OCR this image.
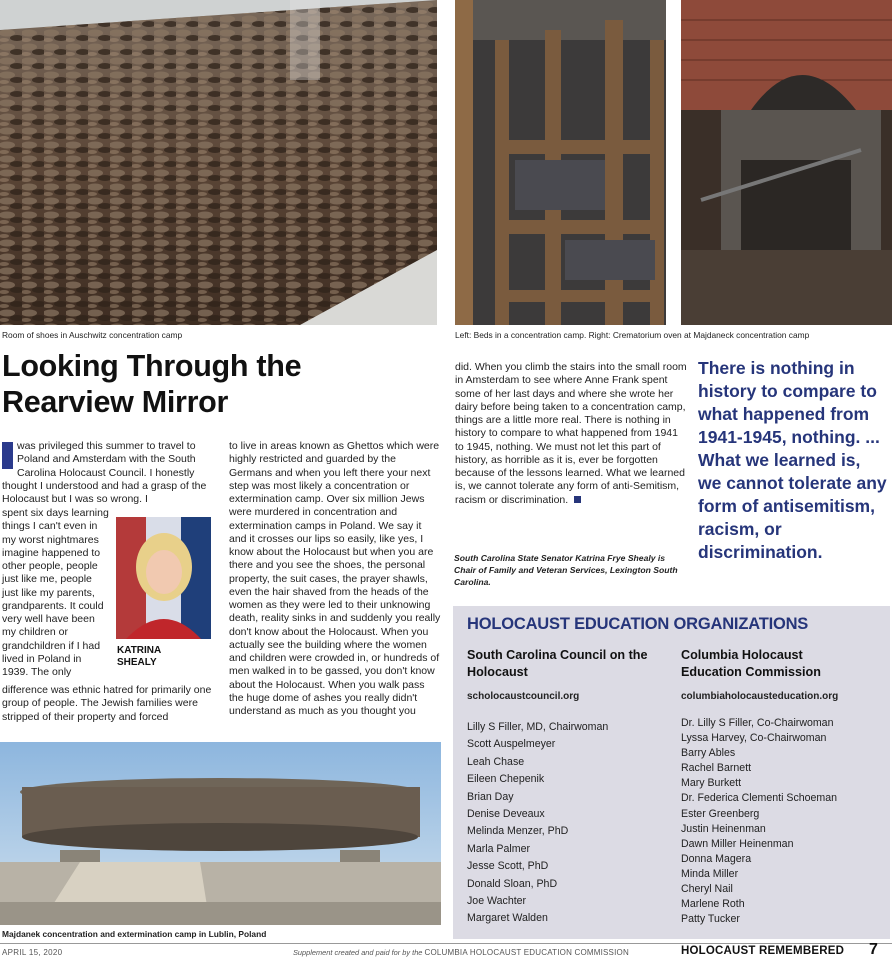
Room of shoes in Auschwitz concentration camp	Left: Beds in a concentration camp. Right: Crematorium oven at Majdaneck concentration camp
Looking Through the Rearview Mirror
was privileged this summer to travel to Poland and Amsterdam with the South Carolina Holocaust Council. I honestly thought I understood and had a grasp of the Holocaust but I was so wrong. I
spent six days learning things I can't even in my worst nightmares imagine happened to other people, people just like me, people just like my parents, grandparents. It could very well have been my children or grandchildren if I had lived in Poland in 1939. The only
difference was ethnic hatred for primarily one group of people. The Jewish families were stripped of their property and forced
KATRINA SHEALY
to live in areas known as Ghettos which were highly restricted and guarded by the Germans and when you left there your next step was most likely a concentration or extermination camp. Over six million Jews were murdered in concentration and extermination camps in Poland. We say it and it crosses our lips so easily, like yes, I know about the Holocaust but when you are there and you see the shoes, the personal property, the suit cases, the prayer shawls, even the hair shaved from the heads of the women as they were led to their unknowing death, reality sinks in and suddenly you really don't know about the Holocaust. When you actually see the building where the women and children were crowded in, or hundreds of men walked in to be gassed, you don't know about the Holocaust. When you walk pass the huge dome of ashes you really didn't understand as much as you thought you
did. When you climb the stairs into the small room in Amsterdam to see where Anne Frank spent some of her last days and where she wrote her dairy before being taken to a concentration camp, things are a little more real. There is nothing in history to compare to what happened from 1941 to 1945, nothing. We must not let this part of history, as horrible as it is, ever be forgotten because of the lessons learned. What we learned is, we cannot tolerate any form of anti-Semitism, racism or discrimination.
South Carolina State Senator Katrina Frye Shealy is Chair of Family and Veteran Services, Lexington South Carolina.
There is nothing in history to compare to what happened from 1941-1945, nothing. ... What we learned is, we cannot tolerate any form of antisemitism, racism, or discrimination.
Majdanek concentration and extermination camp in Lublin, Poland
HOLOCAUST EDUCATION ORGANIZATIONS
South Carolina Council on the Holocaust
scholocaustcouncil.org
Lilly S Filler, MD, Chairwoman
Scott Auspelmeyer
Leah Chase
Eileen Chepenik
Brian Day
Denise Deveaux
Melinda Menzer, PhD
Marla Palmer
Jesse Scott, PhD
Donald Sloan, PhD
Joe Wachter
Margaret Walden
Columbia Holocaust Education Commission
columbiaholocausteducation.org
Dr. Lilly S Filler, Co-Chairwoman
Lyssa Harvey, Co-Chairwoman
Barry Ables
Rachel Barnett
Mary Burkett
Dr. Federica Clementi Schoeman
Ester Greenberg
Justin Heinenman
Dawn Miller Heinenman
Donna Magera
Minda Miller
Cheryl Nail
Marlene Roth
Patty Tucker
APRIL 15, 2020	Supplement created and paid for by the COLUMBIA HOLOCAUST EDUCATION COMMISSION	HOLOCAUST REMEMBERED 7
